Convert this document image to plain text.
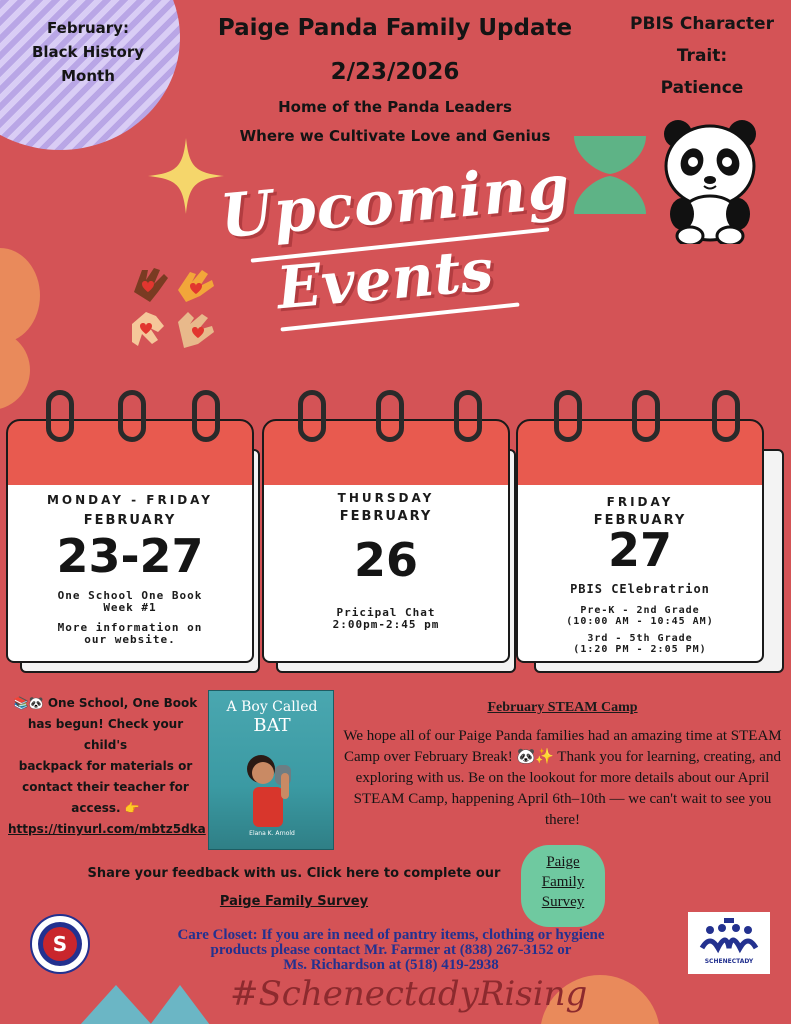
February:
Black History
Month
Paige Panda Family Update
2/23/2026
Home of the Panda Leaders
Where we Cultivate Love and Genius
PBIS Character
Trait:
Patience
Upcoming
Events
MONDAY - FRIDAY
FEBRUARY
23-27
One School One Book
Week #1
More information on
our website.
THURSDAY
FEBRUARY
26
Pricipal Chat
2:00pm-2:45 pm
FRIDAY
FEBRUARY
27
PBIS CElebratrion
Pre-K - 2nd Grade
(10:00 AM - 10:45 AM)
3rd - 5th Grade
(1:20 PM - 2:05 PM)
📚🐼 One School, One Book
has begun! Check your child's
backpack for materials or
contact their teacher for
access. 👉
https://tinyurl.com/mbtz5dka
A Boy Called
BAT
Elana K. Arnold
February STEAM Camp
We hope all of our Paige Panda families had an amazing time at STEAM Camp over February Break! 🐼✨ Thank you for learning, creating, and exploring with us. Be on the lookout for more details about our April STEAM Camp, happening April 6th–10th — we can't wait to see you there!
Share your feedback with us. Click here to complete our
Paige Family Survey
Paige
Family
Survey
S	Care Closet: If you are in need of pantry items, clothing or hygiene
products please contact Mr. Farmer at (838) 267-3152 or
Ms. Richardson at (518) 419-2938	SCHENECTADY
#SchenectadyRising
